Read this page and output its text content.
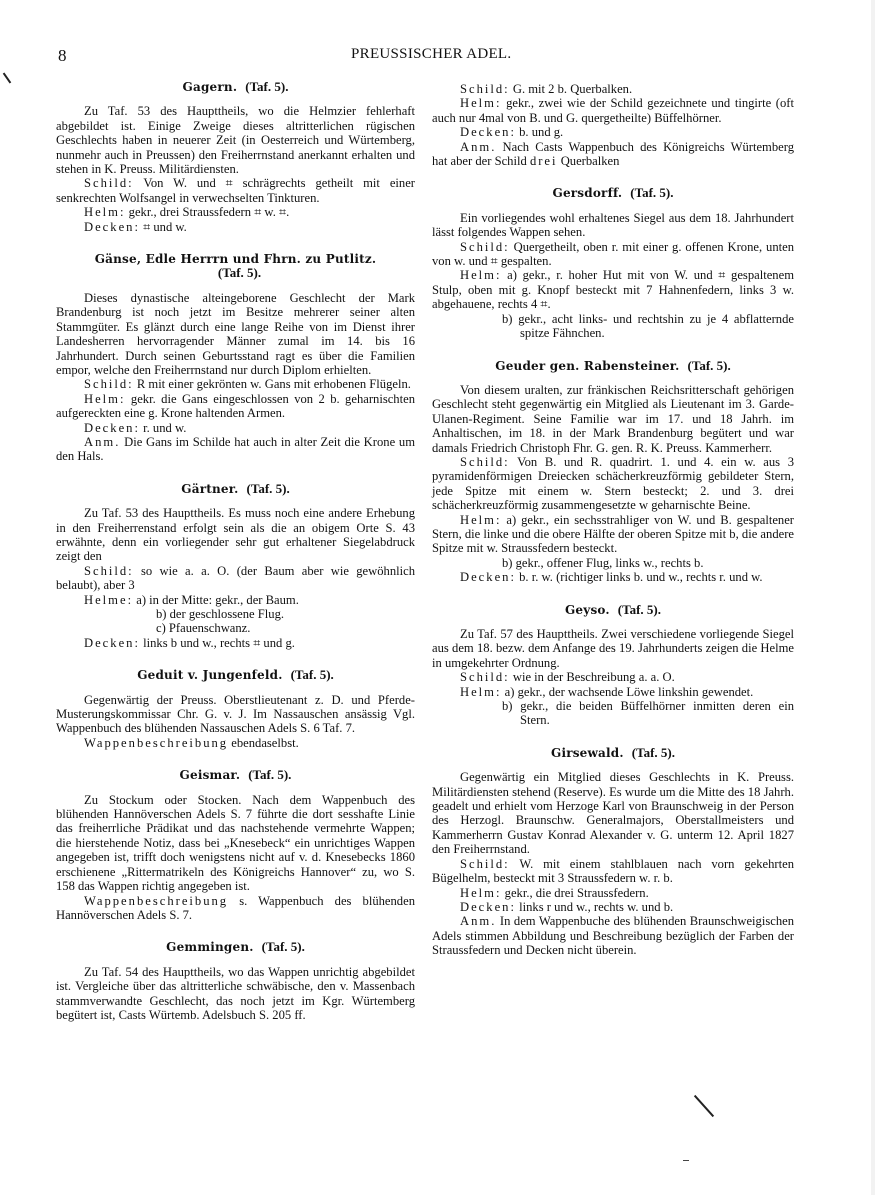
8	PREUSSISCHER ADEL.
Gagern. (Taf. 5).

Zu Taf. 53 des Haupttheils, wo die Helmzier fehlerhaft abgebildet ist. Einige Zweige dieses altritterlichen rügischen Geschlechts haben in neuerer Zeit (in Oesterreich und Würtemberg, nunmehr auch in Preussen) den Freiherrnstand anerkannt erhalten und stehen in K. Preuss. Militärdiensten.

Schild: Von W. und ⌗ schrägrechts getheilt mit einer senkrechten Wolfsangel in verwechselten Tinkturen.

Helm: gekr., drei Straussfedern ⌗ w. ⌗.

Decken: ⌗ und w.

Gänse, Edle Herrrn und Fhrn. zu Putlitz.
(Taf. 5).

Dieses dynastische alteingeborene Geschlecht der Mark Brandenburg ist noch jetzt im Besitze mehrerer seiner alten Stammgüter. Es glänzt durch eine lange Reihe von im Dienst ihrer Landesherren hervorragender Männer zumal im 14. bis 16 Jahrhundert. Durch seinen Geburtsstand ragt es über die Familien empor, welche den Freiherrnstand nur durch Diplom erhielten.

Schild: R mit einer gekrönten w. Gans mit erhobenen Flügeln.

Helm: gekr. die Gans eingeschlossen von 2 b. geharnischten aufgereckten eine g. Krone haltenden Armen.

Decken: r. und w.

Anm. Die Gans im Schilde hat auch in alter Zeit die Krone um den Hals.

Gärtner. (Taf. 5).

Zu Taf. 53 des Haupttheils. Es muss noch eine andere Erhebung in den Freiherrenstand erfolgt sein als die an obigem Orte S. 43 erwähnte, denn ein vorliegender sehr gut erhaltener Siegelabdruck zeigt den

Schild: so wie a. a. O. (der Baum aber wie gewöhnlich belaubt), aber 3

Helme: a) in der Mitte: gekr., der Baum.

b) der geschlossene Flug.

c) Pfauenschwanz.

Decken: links b und w., rechts ⌗ und g.

Geduit v. Jungenfeld. (Taf. 5).

Gegenwärtig der Preuss. Oberstlieutenant z. D. und Pferde-Musterungskommissar Chr. G. v. J. Im Nassauschen ansässig Vgl. Wappenbuch des blühenden Nassauschen Adels S. 6 Taf. 7.

Wappenbeschreibung ebendaselbst.

Geismar. (Taf. 5).

Zu Stockum oder Stocken. Nach dem Wappenbuch des blühenden Hannöverschen Adels S. 7 führte die dort sesshafte Linie das freiherrliche Prädikat und das nachstehende vermehrte Wappen; die hierstehende Notiz, dass bei „Knesebeck“ ein unrichtiges Wappen angegeben ist, trifft doch wenigstens nicht auf v. d. Knesebecks 1860 erschienene „Rittermatrikeln des Königreichs Hannover“ zu, wo S. 158 das Wappen richtig angegeben ist.

Wappenbeschreibung s. Wappenbuch des blühenden Hannöverschen Adels S. 7.

Gemmingen. (Taf. 5).

Zu Taf. 54 des Haupttheils, wo das Wappen unrichtig abgebildet ist. Vergleiche über das altritterliche schwäbische, den v. Massenbach stammverwandte Geschlecht, das noch jetzt im Kgr. Würtemberg begütert ist, Casts Würtemb. Adelsbuch S. 205 ff.

Schild: G. mit 2 b. Querbalken.

Helm: gekr., zwei wie der Schild gezeichnete und tingirte (oft auch nur 4mal von B. und G. quergetheilte) Büffelhörner.

Decken: b. und g.

Anm. Nach Casts Wappenbuch des Königreichs Würtemberg hat aber der Schild drei Querbalken

Gersdorff. (Taf. 5).

Ein vorliegendes wohl erhaltenes Siegel aus dem 18. Jahrhundert lässt folgendes Wappen sehen.

Schild: Quergetheilt, oben r. mit einer g. offenen Krone, unten von w. und ⌗ gespalten.

Helm: a) gekr., r. hoher Hut mit von W. und ⌗ gespaltenem Stulp, oben mit g. Knopf besteckt mit 7 Hahnenfedern, links 3 w. abgehauene, rechts 4 ⌗.

b) gekr., acht links- und rechtshin zu je 4 abflatternde spitze Fähnchen.

Geuder gen. Rabensteiner. (Taf. 5).

Von diesem uralten, zur fränkischen Reichsritterschaft gehörigen Geschlecht steht gegenwärtig ein Mitglied als Lieutenant im 3. Garde-Ulanen-Regiment. Seine Familie war im 17. und 18 Jahrh. im Anhaltischen, im 18. in der Mark Brandenburg begütert und war damals Friedrich Christoph Fhr. G. gen. R. K. Preuss. Kammerherr.

Schild: Von B. und R. quadrirt. 1. und 4. ein w. aus 3 pyramidenförmigen Dreiecken schächerkreuzförmig gebildeter Stern, jede Spitze mit einem w. Stern besteckt; 2. und 3. drei schächerkreuzförmig zusammengesetzte w geharnischte Beine.

Helm: a) gekr., ein sechsstrahliger von W. und B. gespaltener Stern, die linke und die obere Hälfte der oberen Spitze mit b, die andere Spitze mit w. Straussfedern besteckt.

b) gekr., offener Flug, links w., rechts b.

Decken: b. r. w. (richtiger links b. und w., rechts r. und w.

Geyso. (Taf. 5).

Zu Taf. 57 des Haupttheils. Zwei verschiedene vorliegende Siegel aus dem 18. bezw. dem Anfange des 19. Jahrhunderts zeigen die Helme in umgekehrter Ordnung.

Schild: wie in der Beschreibung a. a. O.

Helm: a) gekr., der wachsende Löwe linkshin gewendet.

b) gekr., die beiden Büffelhörner inmitten deren ein Stern.

Girsewald. (Taf. 5).

Gegenwärtig ein Mitglied dieses Geschlechts in K. Preuss. Militärdiensten stehend (Reserve). Es wurde um die Mitte des 18 Jahrh. geadelt und erhielt vom Herzoge Karl von Braunschweig in der Person des Herzogl. Braunschw. Generalmajors, Oberstallmeisters und Kammerherrn Gustav Konrad Alexander v. G. unterm 12. April 1827 den Freiherrnstand.

Schild: W. mit einem stahlblauen nach vorn gekehrten Bügelhelm, besteckt mit 3 Straussfedern w. r. b.

Helm: gekr., die drei Straussfedern.

Decken: links r und w., rechts w. und b.

Anm. In dem Wappenbuche des blühenden Braunschweigischen Adels stimmen Abbildung und Beschreibung bezüglich der Farben der Straussfedern und Decken nicht überein.
